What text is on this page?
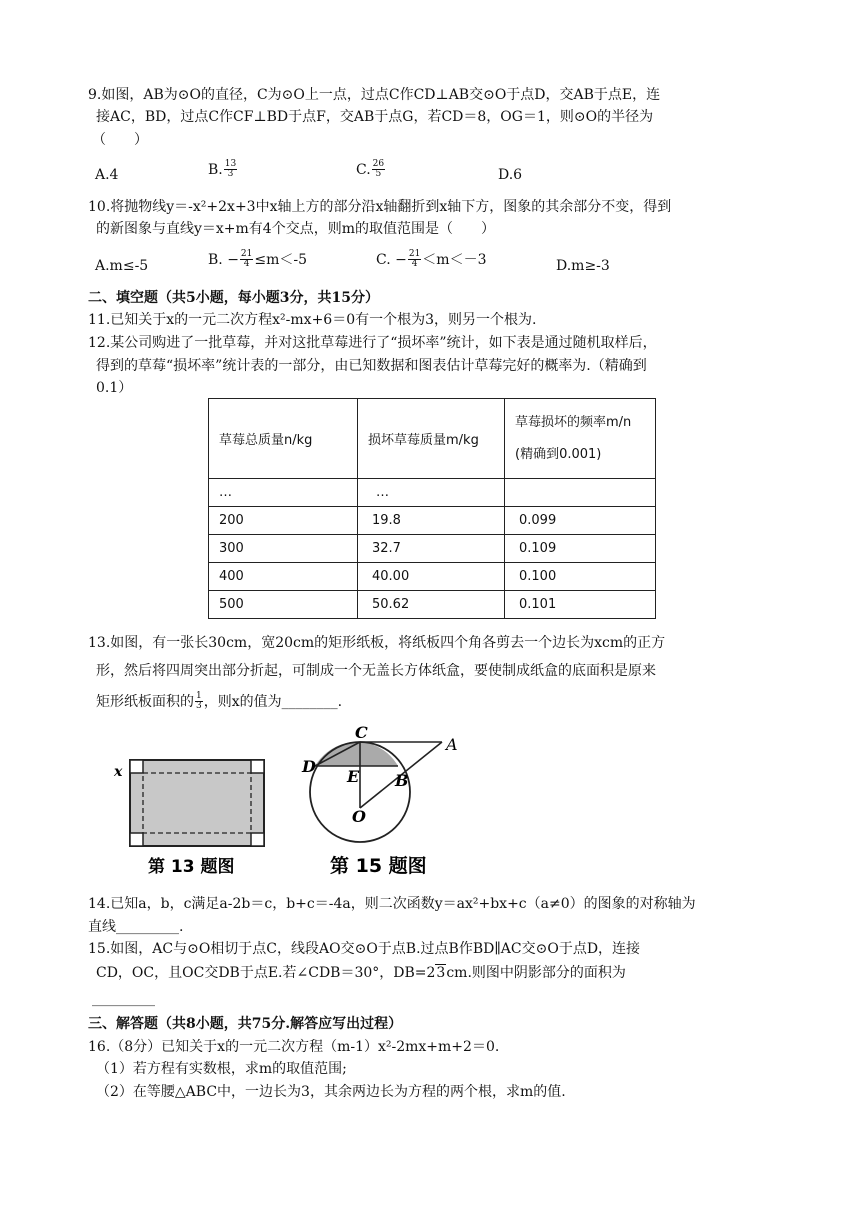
9.如图，AB为⊙O的直径，C为⊙O上一点，过点C作CD⊥AB交⊙O于点D，交AB于点E，连
接AC，BD，过点C作CF⊥BD于点F，交AB于点G，若CD＝8，OG＝1，则⊙O的半径为
（　　）
A.4	B. $\frac{13}{3}$	C. $\frac{26}{5}$	D.6
10.将抛物线y＝-x²+2x+3中x轴上方的部分沿x轴翻折到x轴下方，图象的其余部分不变，得到
的新图象与直线y＝x+m有4个交点，则m的取值范围是（　　）
A.m≤-5	B. − $\frac{21}{4} \le m<-5$	C. − $\frac{21}{4} <m<-3$	D.m≥-3
二、填空题（共5小题，每小题3分，共15分）
11.已知关于x的一元二次方程x²-mx+6＝0有一个根为3，则另一个根为.
12.某公司购进了一批草莓，并对这批草莓进行了“损坏率”统计，如下表是通过随机取样后，
得到的草莓“损坏率”统计表的一部分，由已知数据和图表估计草莓完好的概率为.（精确到
0.1）
草莓总质量n/kg	损坏草莓质量m/kg	草莓损坏的频率m/n
(精确到0.001)

…	…	
200	19.8	0.099
300	32.7	0.109
400	40.00	0.100
500	50.62	0.101
13.如图，有一张长30cm，宽20cm的矩形纸板，将纸板四个角各剪去一个边长为xcm的正方
形，然后将四周突出部分折起，可制成一个无盖长方体纸盒，要使制成纸盒的底面积是原来
矩形纸板面积的 $\frac{1}{3}$ ，则x的值为________.
x
第 13 题图
C
A
D
E B
O
第 15 题图
14.已知a，b，c满足a-2b＝c，b+c＝-4a，则二次函数y＝ax²+bx+c（a≠0）的图象的对称轴为
直线_________.
15.如图，AC与⊙O相切于点C，线段AO交⊙O于点B.过点B作BD∥AC交⊙O于点D，连接
CD，OC，且OC交DB于点E.若∠CDB＝30°，DB=23cm.则图中阴影部分的面积为
_________
三、解答题（共8小题，共75分.解答应写出过程）
16.（8分）已知关于x的一元二次方程（m-1）x²-2mx+m+2＝0.
（1）若方程有实数根，求m的取值范围;
（2）在等腰△ABC中，一边长为3，其余两边长为方程的两个根，求m的值.
